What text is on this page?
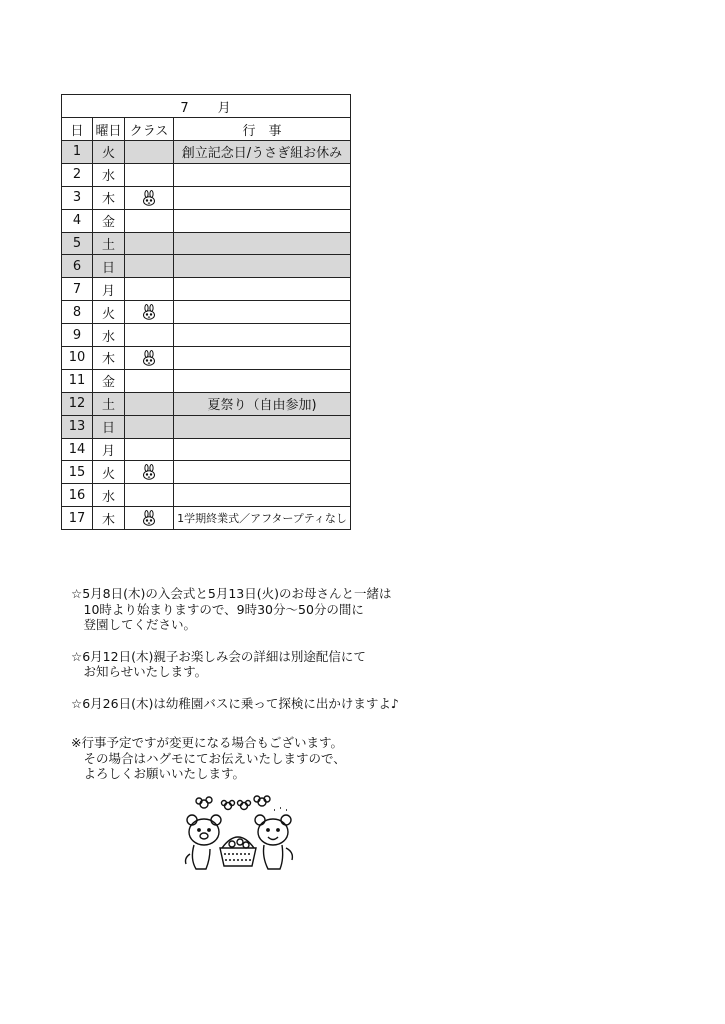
7　　月			
日	曜日	クラス	行　事
1	火		創立記念日/うさぎ組お休み
2	水		
3	木		
4	金		
5	土		
6	日		
7	月		
8	火		
9	水		
10	木		
11	金		
12	土		夏祭り（自由参加)
13	日		
14	月		
15	火		
16	水		
17	木		1学期終業式／アフタープティなし

☆5月8日(木)の入会式と5月13日(火)のお母さんと一緒は

　10時より始まりますので、9時30分～50分の間に

　登園してください。

☆6月12日(木)親子お楽しみ会の詳細は別途配信にて

　お知らせいたします。

☆6月26日(木)は幼稚園バスに乗って探検に出かけますよ♪

※行事予定ですが変更になる場合もございます。

　その場合はハグモにてお伝えいたしますので、

　よろしくお願いいたします。
